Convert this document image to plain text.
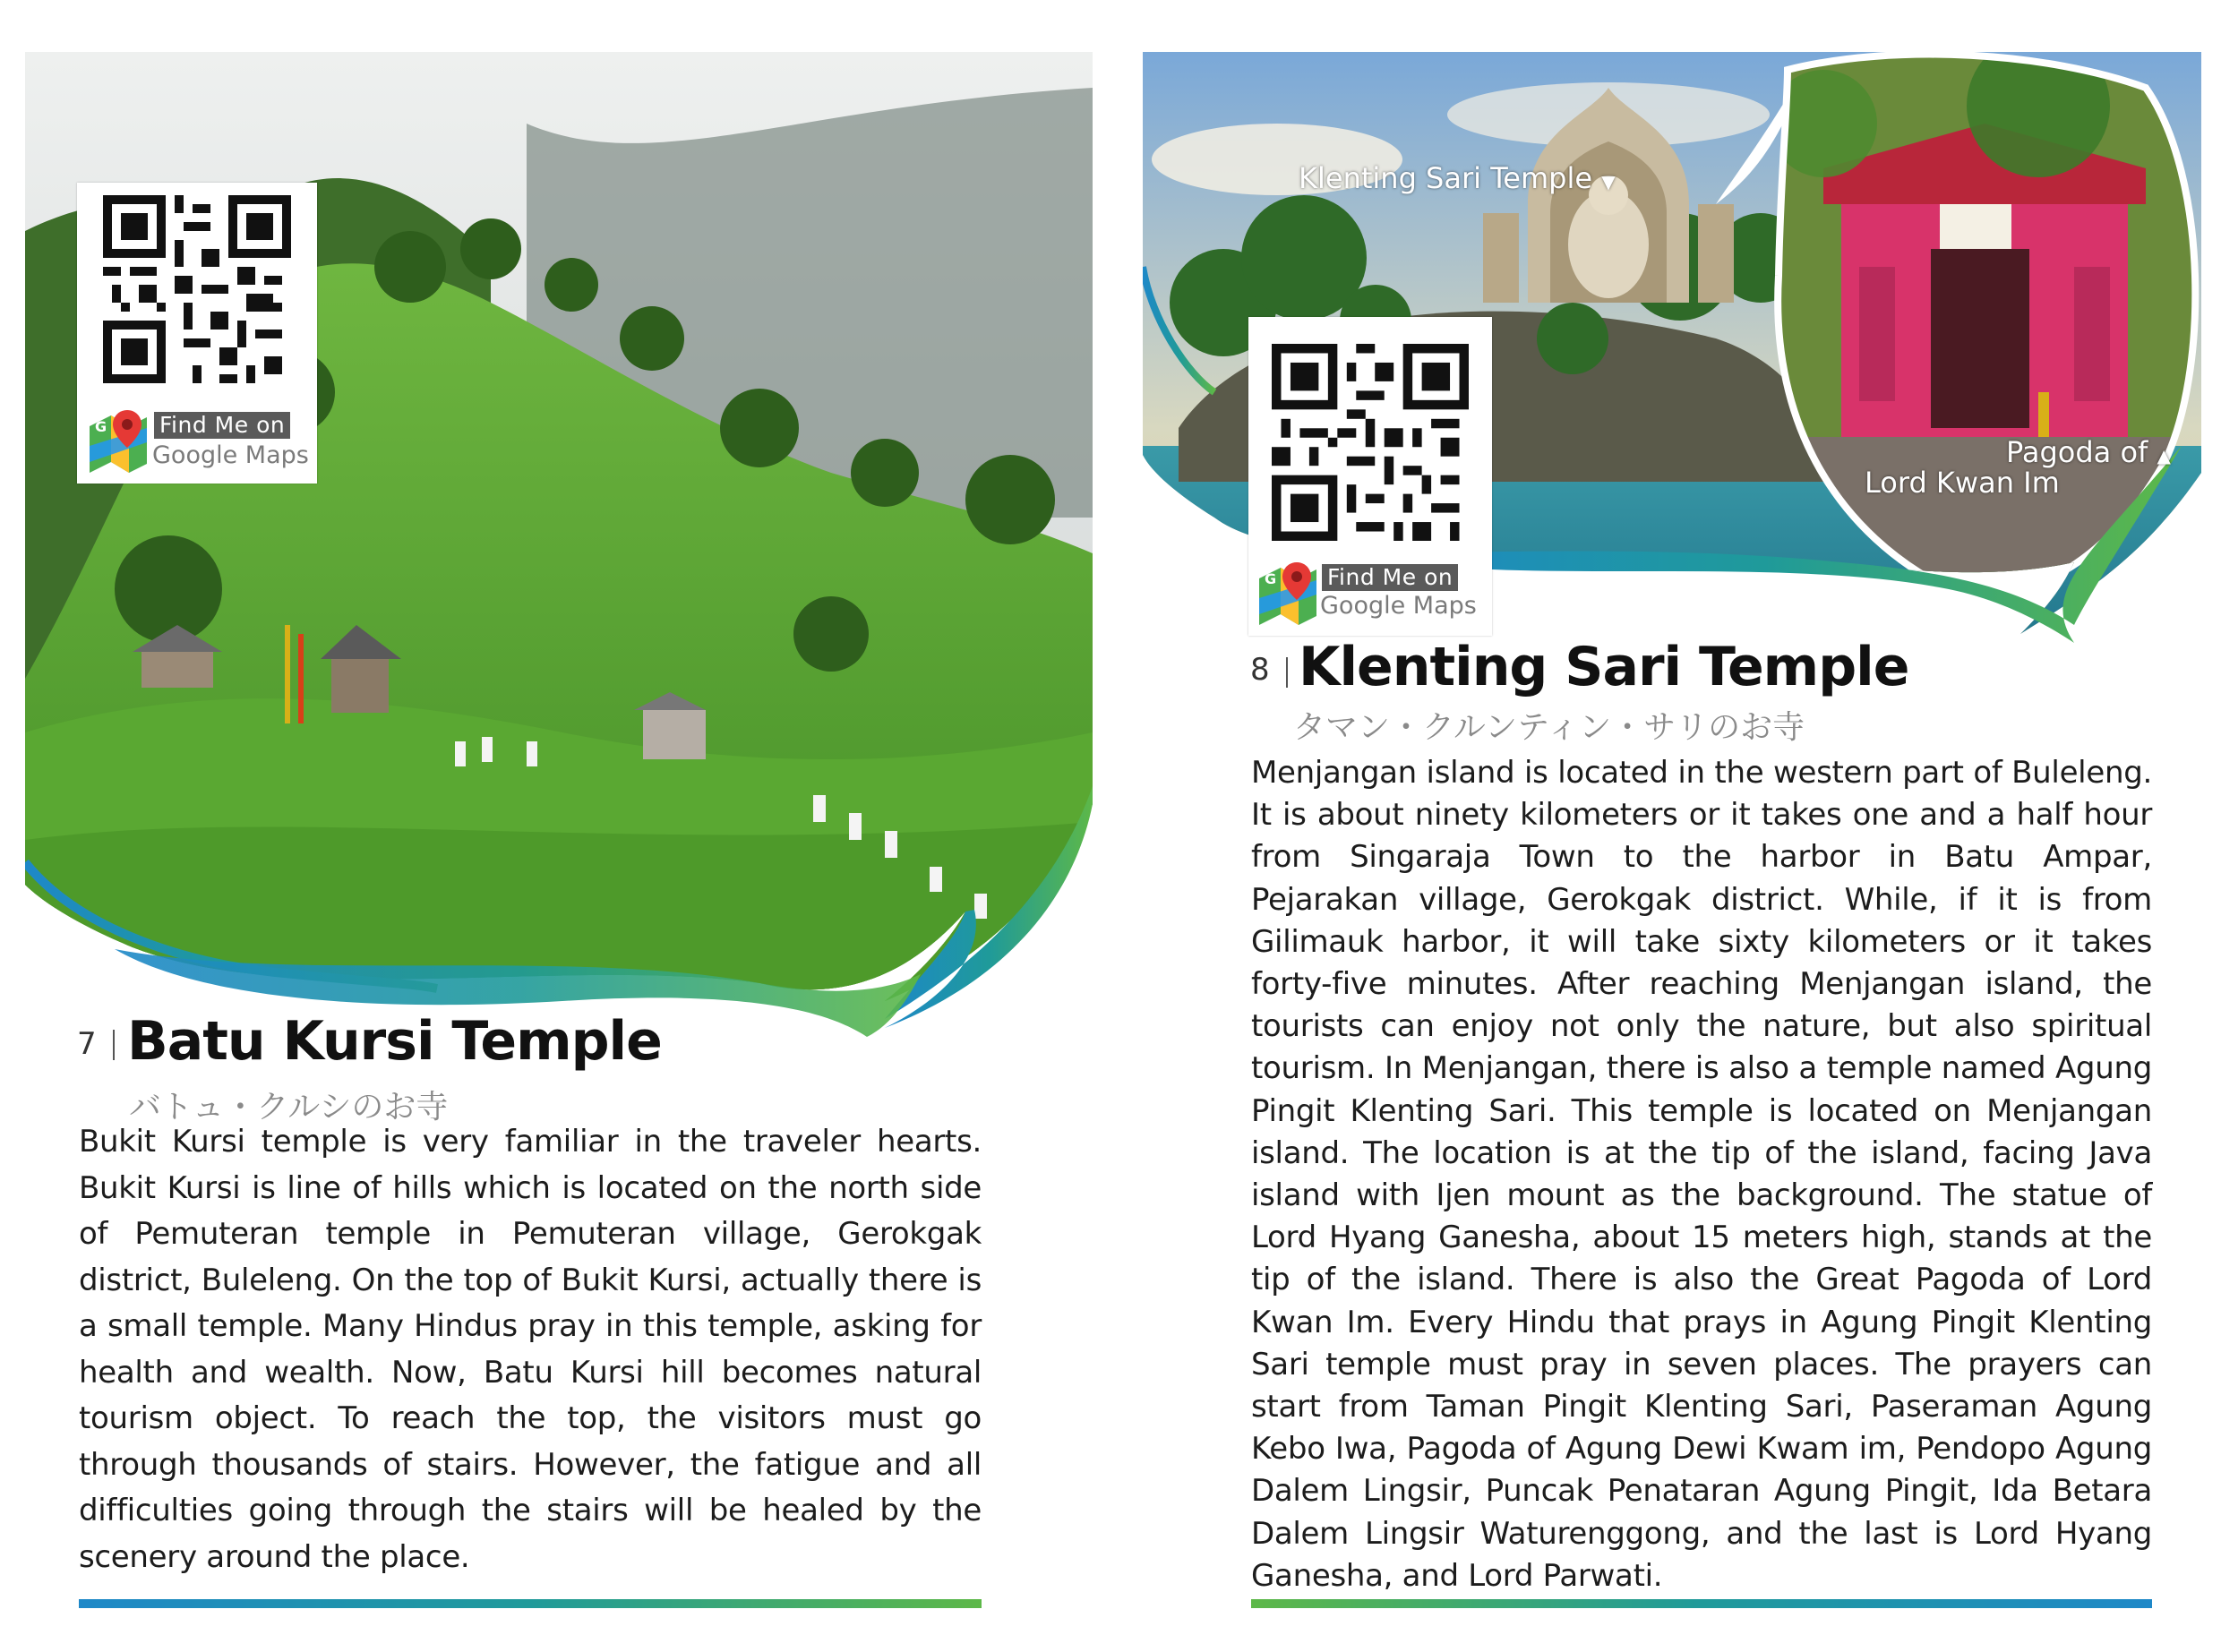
G Find Me on
Google Maps
7 Batu Kursi Temple
バトュ・クルシのお寺

Bukit Kursi temple is very familiar in the traveler hearts. Bukit Kursi is line of hills which is located on the north side of Pemuteran temple in Pemuteran village, Gerokgak district, Buleleng. On the top of Bukit Kursi, actually there is a small temple. Many Hindus pray in this temple, asking for health and wealth. Now, Batu Kursi hill becomes natural tourism object. To reach the top, the visitors must go through thousands of stairs. However, the fatigue and all difficulties going through the stairs will be healed by the scenery around the place.

Klenting Sari Temple ▼
Pagoda of ▲
Lord Kwan Im
G Find Me on
Google Maps
8 Klenting Sari Temple
タマン・クルンティン・サリのお寺

Menjangan island is located in the western part of Buleleng. It is about ninety kilometers or it takes one and a half hour from Singaraja Town to the harbor in Batu Ampar, Pejarakan village, Gerokgak district. While, if it is from Gilimauk harbor, it will take sixty kilometers or it takes forty-five minutes. After reaching Menjangan island, the tourists can enjoy not only the nature, but also spiritual tourism. In Menjangan, there is also a temple named Agung Pingit Klenting Sari. This temple is located on Menjangan island. The location is at the tip of the island, facing Java island with Ijen mount as the background. The statue of Lord Hyang Ganesha, about 15 meters high, stands at the tip of the island. There is also the Great Pagoda of Lord Kwan Im. Every Hindu that prays in Agung Pingit Klenting Sari temple must pray in seven places. The prayers can start from Taman Pingit Klenting Sari, Paseraman Agung Kebo Iwa, Pagoda of Agung Dewi Kwam im, Pendopo Agung Dalem Lingsir, Puncak Penataran Agung Pingit, Ida Betara Dalem Lingsir Waturenggong, and the last is Lord Hyang Ganesha, and Lord Parwati.
